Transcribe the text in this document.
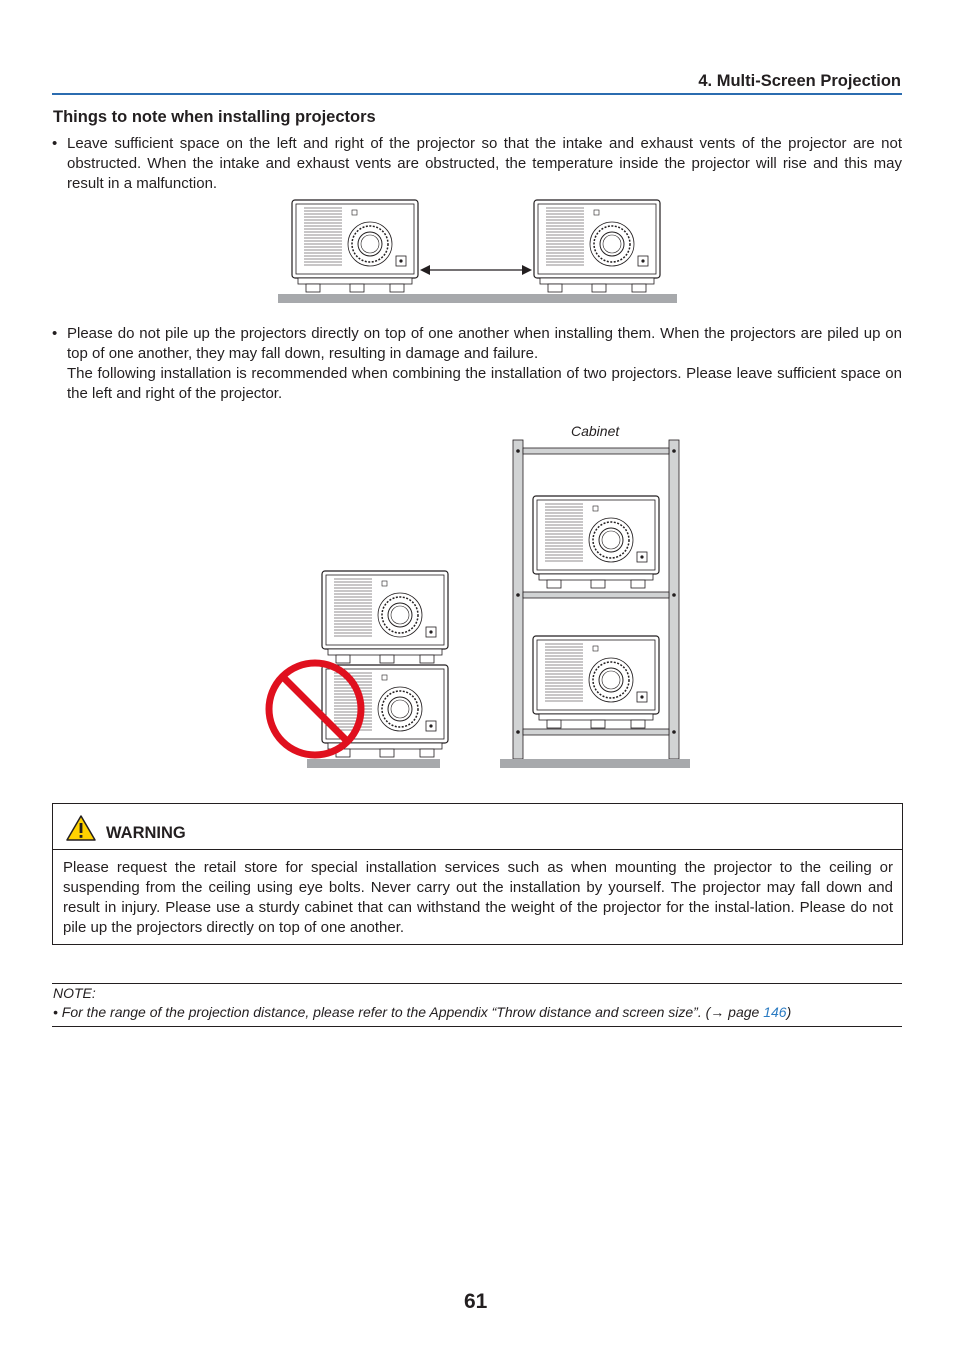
4. Multi-Screen Projection
Things to note when installing projectors
• Leave sufficient space on the left and right of the projector so that the intake and exhaust vents of the projector are not obstructed. When the intake and exhaust vents are obstructed, the temperature inside the projector will rise and this may result in a malfunction.
• Please do not pile up the projectors directly on top of one another when installing them. When the projectors are piled up on top of one another, they may fall down, resulting in damage and failure.
The following installation is recommended when combining the installation of two projectors. Please leave sufficient space on the left and right of the projector.
Cabinet
WARNING
Please request the retail store for special installation services such as when mounting the projector to the ceiling or suspending from the ceiling using eye bolts. Never carry out the installation by yourself. The projector may fall down and result in injury. Please use a sturdy cabinet that can withstand the weight of the projector for the instal-lation. Please do not pile up the projectors directly on top of one another.
NOTE:
• For the range of the projection distance, please refer to the Appendix “Throw distance and screen size”. (→ page 146)
61
